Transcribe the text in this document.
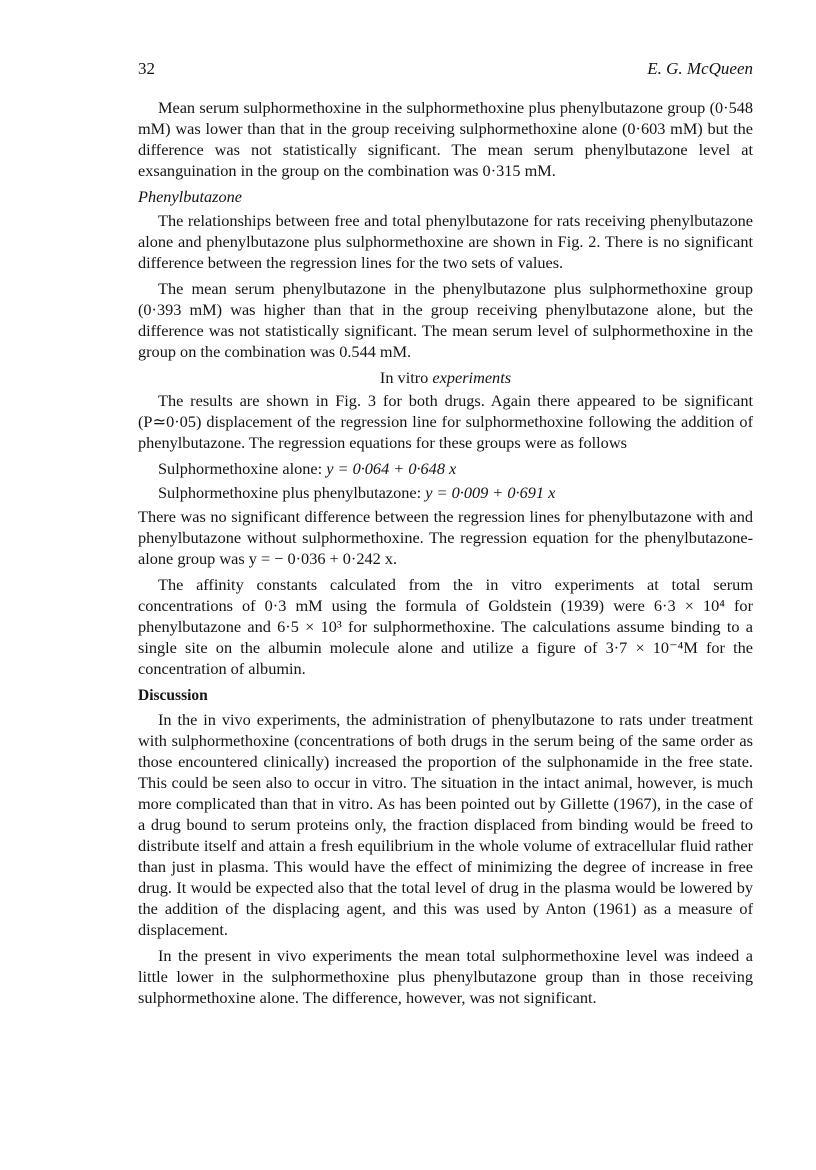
32	E. G. McQueen

Mean serum sulphormethoxine in the sulphormethoxine plus phenylbutazone group (0·548 mM) was lower than that in the group receiving sulphormethoxine alone (0·603 mM) but the difference was not statistically significant. The mean serum phenylbutazone level at exsanguination in the group on the combination was 0·315 mM.

Phenylbutazone

The relationships between free and total phenylbutazone for rats receiving phenylbutazone alone and phenylbutazone plus sulphormethoxine are shown in Fig. 2. There is no significant difference between the regression lines for the two sets of values.

The mean serum phenylbutazone in the phenylbutazone plus sulphormethoxine group (0·393 mM) was higher than that in the group receiving phenylbutazone alone, but the difference was not statistically significant. The mean serum level of sulphormethoxine in the group on the combination was 0.544 mM.

In vitro experiments

The results are shown in Fig. 3 for both drugs. Again there appeared to be significant (P≃0·05) displacement of the regression line for sulphormethoxine following the addition of phenylbutazone. The regression equations for these groups were as follows

Sulphormethoxine alone: y = 0·064 + 0·648 x
Sulphormethoxine plus phenylbutazone: y = 0·009 + 0·691 x

There was no significant difference between the regression lines for phenylbutazone with and phenylbutazone without sulphormethoxine. The regression equation for the phenylbutazone-alone group was y = − 0·036 + 0·242 x.

The affinity constants calculated from the in vitro experiments at total serum concentrations of 0·3 mM using the formula of Goldstein (1939) were 6·3 × 10⁴ for phenylbutazone and 6·5 × 10³ for sulphormethoxine. The calculations assume binding to a single site on the albumin molecule alone and utilize a figure of 3·7 × 10⁻⁴M for the concentration of albumin.

Discussion

In the in vivo experiments, the administration of phenylbutazone to rats under treatment with sulphormethoxine (concentrations of both drugs in the serum being of the same order as those encountered clinically) increased the proportion of the sulphonamide in the free state. This could be seen also to occur in vitro. The situation in the intact animal, however, is much more complicated than that in vitro. As has been pointed out by Gillette (1967), in the case of a drug bound to serum proteins only, the fraction displaced from binding would be freed to distribute itself and attain a fresh equilibrium in the whole volume of extracellular fluid rather than just in plasma. This would have the effect of minimizing the degree of increase in free drug. It would be expected also that the total level of drug in the plasma would be lowered by the addition of the displacing agent, and this was used by Anton (1961) as a measure of displacement.

In the present in vivo experiments the mean total sulphormethoxine level was indeed a little lower in the sulphormethoxine plus phenylbutazone group than in those receiving sulphormethoxine alone. The difference, however, was not significant.
